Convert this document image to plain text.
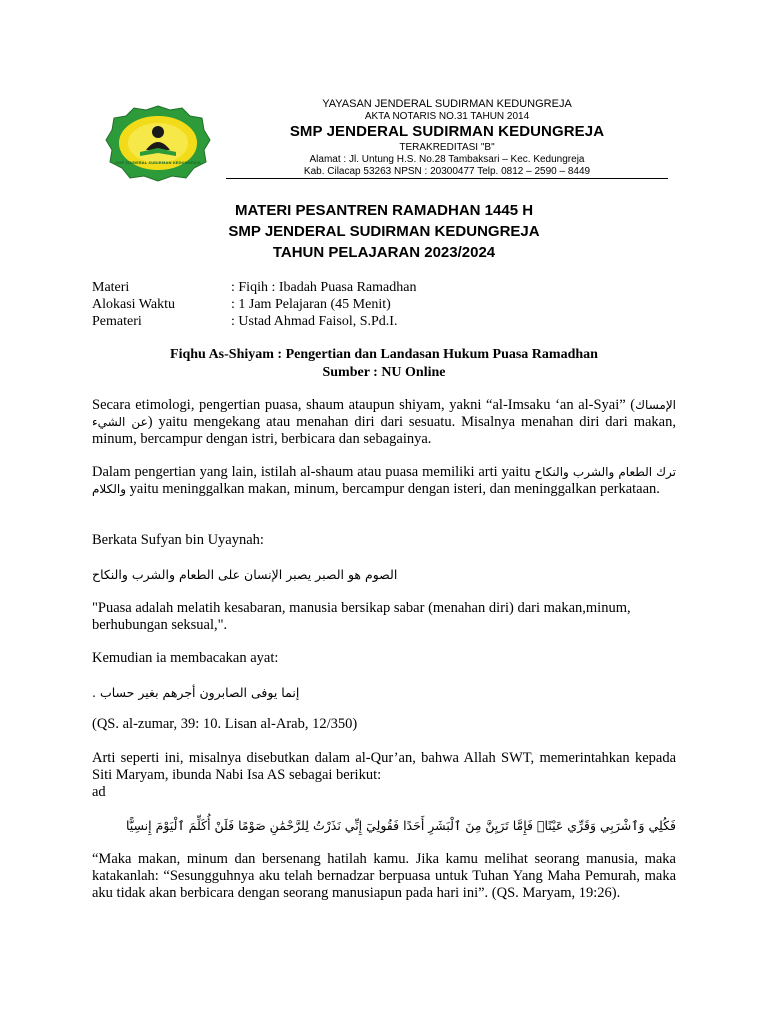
SMP JENDERAL SUDIRMAN KEDUNGREJA
YAYASAN JENDERAL SUDIRMAN KEDUNGREJA
AKTA NOTARIS NO.31 TAHUN 2014
SMP JENDERAL SUDIRMAN KEDUNGREJA
TERAKREDITASI "B"
Alamat : Jl. Untung H.S. No.28 Tambaksari – Kec. Kedungreja
Kab. Cilacap 53263 NPSN : 20300477 Telp. 0812 – 2590 – 8449
MATERI PESANTREN RAMADHAN 1445 H
SMP JENDERAL SUDIRMAN KEDUNGREJA
TAHUN PELAJARAN 2023/2024
Materi	: Fiqih : Ibadah Puasa Ramadhan
Alokasi Waktu	: 1 Jam Pelajaran (45 Menit)
Pemateri	: Ustad Ahmad Faisol, S.Pd.I.
Fiqhu As-Shiyam : Pengertian dan Landasan Hukum Puasa Ramadhan
Sumber : NU Online
Secara etimologi, pengertian puasa, shaum ataupun shiyam, yakni “al-Imsaku ‘an al-Syai” (الإمساك عن الشيء) yaitu mengekang atau menahan diri dari sesuatu. Misalnya menahan diri dari makan, minum, bercampur dengan istri, berbicara dan sebagainya.
Dalam pengertian yang lain, istilah al-shaum atau puasa memiliki arti yaitu ترك الطعام والشرب والنكاح والكلام yaitu meninggalkan makan, minum, bercampur dengan isteri, dan meninggalkan perkataan.
Berkata Sufyan bin Uyaynah:
الصوم هو الصبر يصبر الإنسان على الطعام والشرب والنكاح
"Puasa adalah melatih kesabaran, manusia bersikap sabar (menahan diri) dari makan,minum, berhubungan seksual,".
Kemudian ia membacakan ayat:
إنما يوفى الصابرون أجرهم بغير حساب .
(QS. al-zumar, 39: 10. Lisan al-Arab, 12/350)
Arti seperti ini, misalnya disebutkan dalam al-Qur’an, bahwa Allah SWT, memerintahkan kepada Siti Maryam, ibunda Nabi Isa AS sebagai berikut:
ad
فَكُلِي وَٱشْرَبِي وَقَرِّي عَيْنًاۖ فَإِمَّا تَرَيِنَّ مِنَ ٱلْبَشَرِ أَحَدًا فَقُولِيٓ إِنِّي نَذَرْتُ لِلرَّحْمَٰنِ صَوْمًا فَلَنْ أُكَلِّمَ ٱلْيَوْمَ إِنسِيًّا
“Maka makan, minum dan bersenang hatilah kamu. Jika kamu melihat seorang manusia, maka katakanlah: “Sesungguhnya aku telah bernadzar berpuasa untuk Tuhan Yang Maha Pemurah, maka aku tidak akan berbicara dengan seorang manusiapun pada hari ini”. (QS. Maryam, 19:26).
